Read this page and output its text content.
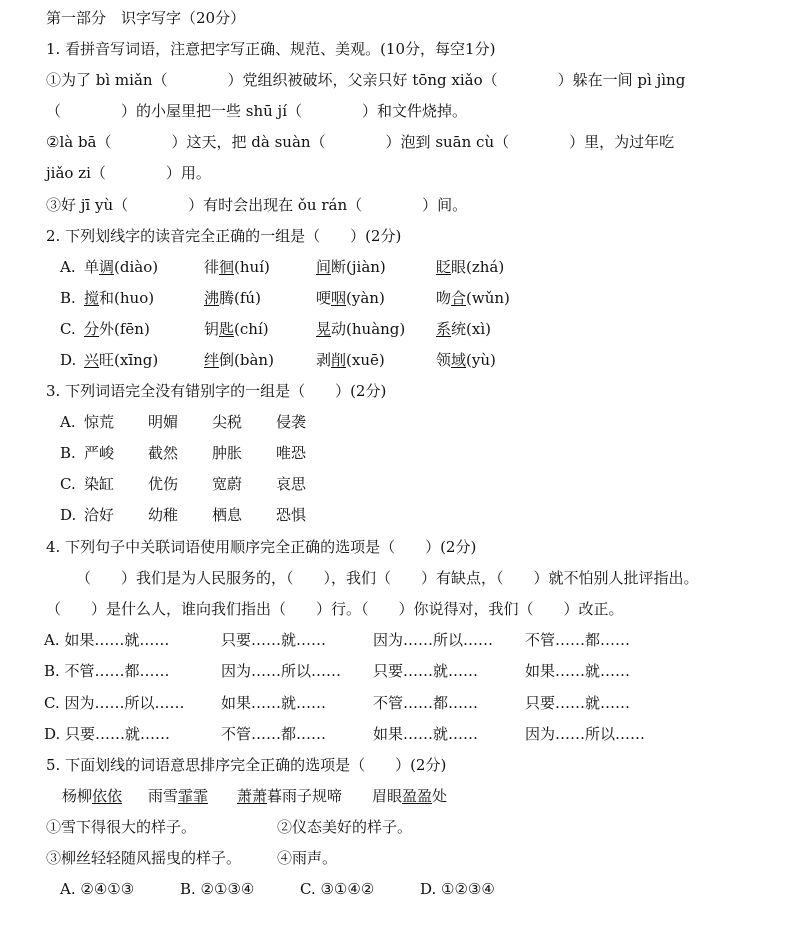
第一部分　识字写字（20分）
1. 看拼音写词语，注意把字写正确、规范、美观。(10分，每空1分)
①为了 bì miǎn（　　　　）党组织被破坏，父亲只好 tōng xiǎo（　　　　）躲在一间 pì jìng
（　　　　）的小屋里把一些 shū jí（　　　　）和文件烧掉。
②là bā（　　　　）这天，把 dà suàn（　　　　）泡到 suān cù（　　　　）里，为过年吃
jiǎo zi（　　　　）用。
③好 jī yù（　　　　）有时会出现在 ǒu rán（　　　　）间。
2. 下列划线字的读音完全正确的一组是（　　）(2分)
A. 单调(diào)	徘徊(huí)	间断(jiàn)	眨眼(zhá)
B. 搅和(huo)	沸腾(fú)	哽咽(yàn)	吻合(wǔn)
C. 分外(fēn)	钥匙(chí)	晃动(huàng) 系统(xì)
D. 兴旺(xīng)	绊倒(bàn)	剥削(xuē)	领域(yù)
3. 下列词语完全没有错别字的一组是（　　）(2分)
A. 惊荒 明媚 尖税 侵袭
B. 严峻 截然 肿胀 唯恐
C. 染缸 优伤 宽蔚 哀思
D. 洽好 幼稚 栖息 恐惧
4. 下列句子中关联词语使用顺序完全正确的选项是（　　）(2分)
（　　）我们是为人民服务的，（　　），我们（　　）有缺点，（　　）就不怕别人批评指出。
（　　）是什么人，谁向我们指出（　　）行。（　　）你说得对，我们（　　）改正。
A. 如果……就……	只要……就……	因为……所以…… 不管……都……
B. 不管……都……	因为……所以…… 只要……就……	如果……就……
C. 因为……所以…… 如果……就……	不管……都……	只要……就……
D. 只要……就……	不管……都……	如果……就……	因为……所以……
5. 下面划线的词语意思排序完全正确的选项是（　　）(2分)
杨柳依依 雨雪霏霏 萧萧暮雨子规啼 眉眼盈盈处
①雪下得很大的样子。	②仪态美好的样子。
③柳丝轻轻随风摇曳的样子。 ④雨声。
A. ②④①③	B. ②①③④	C. ③①④②	D. ①②③④
